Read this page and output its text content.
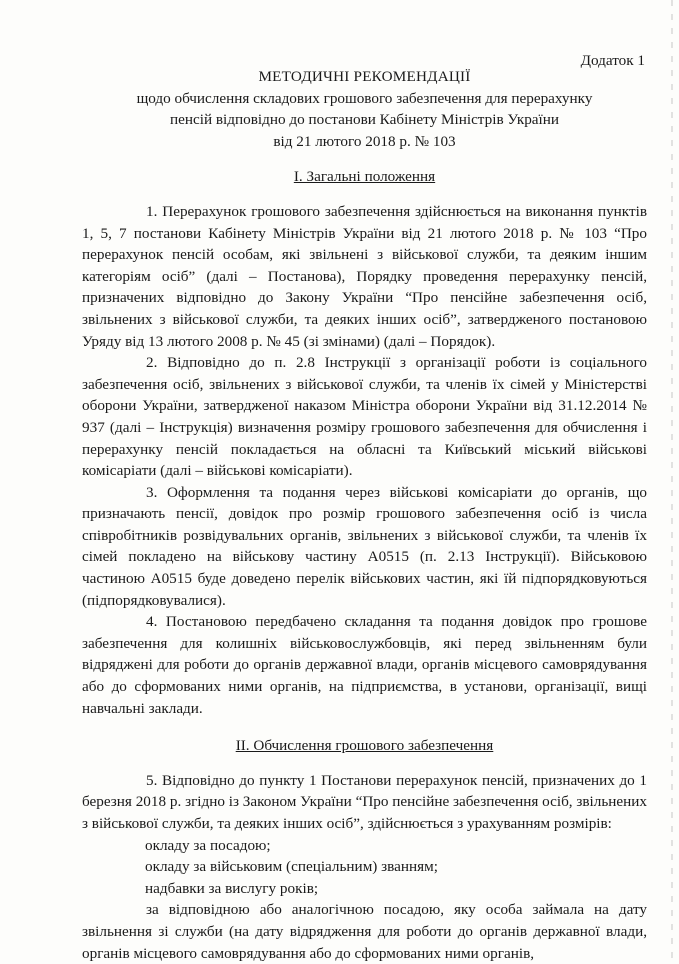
Додаток 1
МЕТОДИЧНІ РЕКОМЕНДАЦІЇ
щодо обчислення складових грошового забезпечення для перерахунку
пенсій відповідно до постанови Кабінету Міністрів України
від 21 лютого 2018 р. № 103
І. Загальні положення

1. Перерахунок грошового забезпечення здійснюється на виконання пунктів 1, 5, 7 постанови Кабінету Міністрів України від 21 лютого 2018 р. № 103 “Про перерахунок пенсій особам, які звільнені з військової служби, та деяким іншим категоріям осіб” (далі – Постанова), Порядку проведення перерахунку пенсій, призначених відповідно до Закону України “Про пенсійне забезпечення осіб, звільнених з військової служби, та деяких інших осіб”, затвердженого постановою Уряду від 13 лютого 2008 р. № 45 (зі змінами) (далі – Порядок).

2. Відповідно до п. 2.8 Інструкції з організації роботи із соціального забезпечення осіб, звільнених з військової служби, та членів їх сімей у Міністерстві оборони України, затвердженої наказом Міністра оборони України від 31.12.2014 № 937 (далі – Інструкція) визначення розміру грошового забезпечення для обчислення і перерахунку пенсій покладається на обласні та Київський міський військові комісаріати (далі – військові комісаріати).

3. Оформлення та подання через військові комісаріати до органів, що призначають пенсії, довідок про розмір грошового забезпечення осіб із числа співробітників розвідувальних органів, звільнених з військової служби, та членів їх сімей покладено на військову частину А0515 (п. 2.13 Інструкції). Військовою частиною А0515 буде доведено перелік військових частин, які їй підпорядковуються (підпорядковувалися).

4. Постановою передбачено складання та подання довідок про грошове забезпечення для колишніх військовослужбовців, які перед звільненням були відряджені для роботи до органів державної влади, органів місцевого самоврядування або до сформованих ними органів, на підприємства, в установи, організації, вищі навчальні заклади.

ІІ. Обчислення грошового забезпечення

5. Відповідно до пункту 1 Постанови перерахунок пенсій, призначених до 1 березня 2018 р. згідно із Законом України “Про пенсійне забезпечення осіб, звільнених з військової служби, та деяких інших осіб”, здійснюється з урахуванням розмірів:

окладу за посадою;
окладу за військовим (спеціальним) званням;
надбавки за вислугу років;

за відповідною або аналогічною посадою, яку особа займала на дату звільнення зі служби (на дату відрядження для роботи до органів державної влади, органів місцевого самоврядування або до сформованих ними органів,
